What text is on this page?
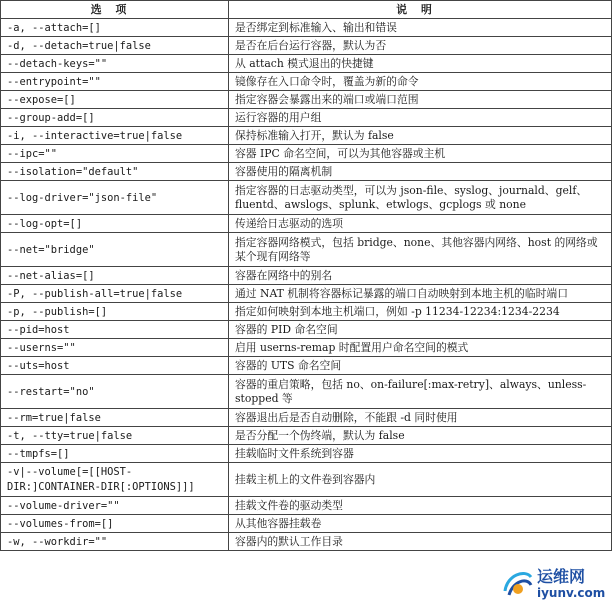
选项	说明
-a, --attach=[]	是否绑定到标准输入、输出和错误
-d, --detach=true|false	是否在后台运行容器，默认为否
--detach-keys=""	从 attach 模式退出的快捷键
--entrypoint=""	镜像存在入口命令时，覆盖为新的命令
--expose=[]	指定容器会暴露出来的端口或端口范围
--group-add=[]	运行容器的用户组
-i, --interactive=true|false	保持标准输入打开，默认为 false
--ipc=""	容器 IPC 命名空间，可以为其他容器或主机
--isolation="default"	容器使用的隔离机制
--log-driver="json-file"	指定容器的日志驱动类型，可以为 json-file、syslog、journald、gelf、fluentd、awslogs、splunk、etwlogs、gcplogs 或 none
--log-opt=[]	传递给日志驱动的选项
--net="bridge"	指定容器网络模式，包括 bridge、none、其他容器内网络、host 的网络或某个现有网络等
--net-alias=[]	容器在网络中的别名
-P, --publish-all=true|false	通过 NAT 机制将容器标记暴露的端口自动映射到本地主机的临时端口
-p, --publish=[]	指定如何映射到本地主机端口，例如 -p 11234-12234:1234-2234
--pid=host	容器的 PID 命名空间
--userns=""	启用 userns-remap 时配置用户命名空间的模式
--uts=host	容器的 UTS 命名空间
--restart="no"	容器的重启策略，包括 no、on-failure[:max-retry]、always、unless-stopped 等
--rm=true|false	容器退出后是否自动删除，不能跟 -d 同时使用
-t, --tty=true|false	是否分配一个伪终端，默认为 false
--tmpfs=[]	挂载临时文件系统到容器
-v|--volume[=[[HOST-DIR:]CONTAINER-DIR[:OPTIONS]]]	挂载主机上的文件卷到容器内
--volume-driver=""	挂载文件卷的驱动类型
--volumes-from=[]	从其他容器挂载卷
-w, --workdir=""	容器内的默认工作目录
运维网
iyunv.com
